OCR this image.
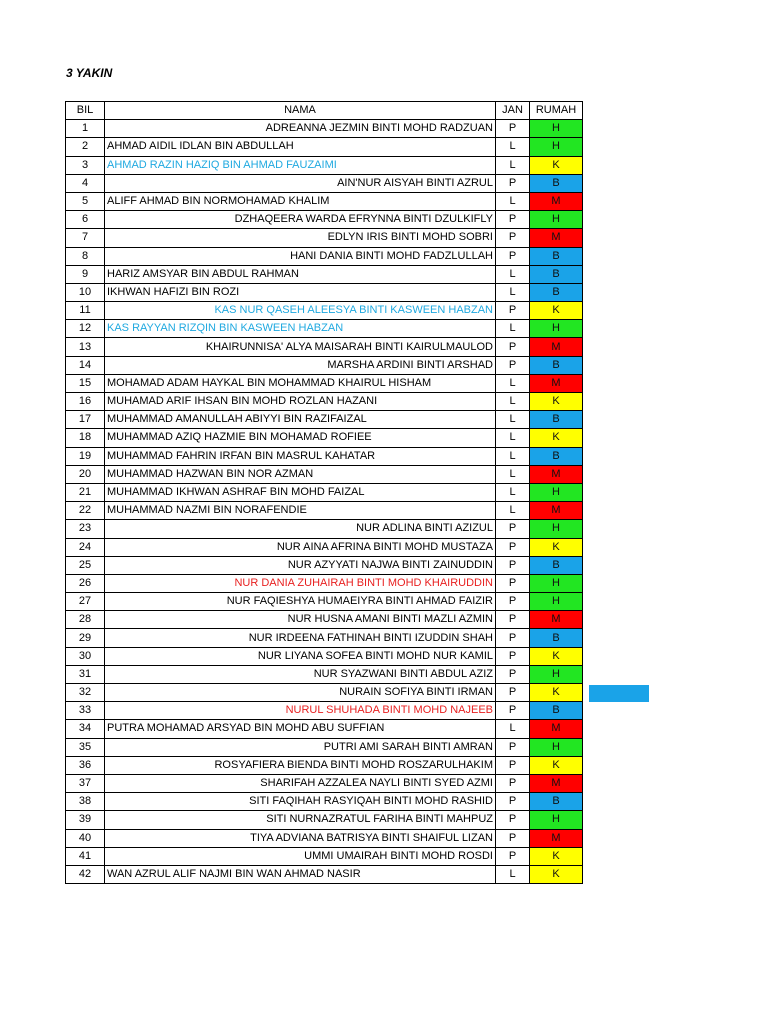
3 YAKIN
BIL	NAMA	JAN	RUMAH
1	ADREANNA JEZMIN BINTI MOHD RADZUAN	P	H
2	AHMAD AIDIL IDLAN BIN ABDULLAH	L	H
3	AHMAD RAZIN HAZIQ BIN AHMAD FAUZAIMI	L	K
4	AIN'NUR AISYAH BINTI AZRUL	P	B
5	ALIFF AHMAD BIN NORMOHAMAD KHALIM	L	M
6	DZHAQEERA WARDA EFRYNNA BINTI DZULKIFLY	P	H
7	EDLYN IRIS BINTI MOHD SOBRI	P	M
8	HANI DANIA BINTI MOHD FADZLULLAH	P	B
9	HARIZ AMSYAR BIN ABDUL RAHMAN	L	B
10	IKHWAN HAFIZI BIN ROZI	L	B
11	KAS NUR QASEH ALEESYA BINTI KASWEEN HABZAN	P	K
12	KAS RAYYAN RIZQIN BIN KASWEEN HABZAN	L	H
13	KHAIRUNNISA' ALYA MAISARAH BINTI KAIRULMAULOD	P	M
14	MARSHA ARDINI BINTI ARSHAD	P	B
15	MOHAMAD ADAM HAYKAL BIN MOHAMMAD KHAIRUL HISHAM	L	M
16	MUHAMAD ARIF IHSAN BIN MOHD ROZLAN HAZANI	L	K
17	MUHAMMAD AMANULLAH ABIYYI BIN RAZIFAIZAL	L	B
18	MUHAMMAD AZIQ HAZMIE BIN MOHAMAD ROFIEE	L	K
19	MUHAMMAD FAHRIN IRFAN BIN MASRUL KAHATAR	L	B
20	MUHAMMAD HAZWAN BIN NOR AZMAN	L	M
21	MUHAMMAD IKHWAN ASHRAF BIN MOHD FAIZAL	L	H
22	MUHAMMAD NAZMI BIN NORAFENDIE	L	M
23	NUR ADLINA BINTI AZIZUL	P	H
24	NUR AINA AFRINA BINTI MOHD MUSTAZA	P	K
25	NUR AZYYATI NAJWA BINTI ZAINUDDIN	P	B
26	NUR DANIA ZUHAIRAH BINTI MOHD KHAIRUDDIN	P	H
27	NUR FAQIESHYA HUMAEIYRA BINTI AHMAD FAIZIR	P	H
28	NUR HUSNA AMANI BINTI MAZLI AZMIN	P	M
29	NUR IRDEENA FATHINAH BINTI IZUDDIN SHAH	P	B
30	NUR LIYANA SOFEA BINTI MOHD NUR KAMIL	P	K
31	NUR SYAZWANI BINTI ABDUL AZIZ	P	H
32	NURAIN SOFIYA BINTI IRMAN	P	K
33	NURUL SHUHADA BINTI MOHD NAJEEB	P	B
34	PUTRA MOHAMAD ARSYAD BIN MOHD ABU SUFFIAN	L	M
35	PUTRI AMI SARAH BINTI AMRAN	P	H
36	ROSYAFIERA BIENDA BINTI MOHD ROSZARULHAKIM	P	K
37	SHARIFAH AZZALEA NAYLI BINTI SYED AZMI	P	M
38	SITI FAQIHAH RASYIQAH BINTI MOHD RASHID	P	B
39	SITI NURNAZRATUL FARIHA BINTI MAHPUZ	P	H
40	TIYA ADVIANA BATRISYA BINTI SHAIFUL LIZAN	P	M
41	UMMI UMAIRAH BINTI MOHD ROSDI	P	K
42	WAN AZRUL ALIF NAJMI BIN WAN AHMAD NASIR	L	K
